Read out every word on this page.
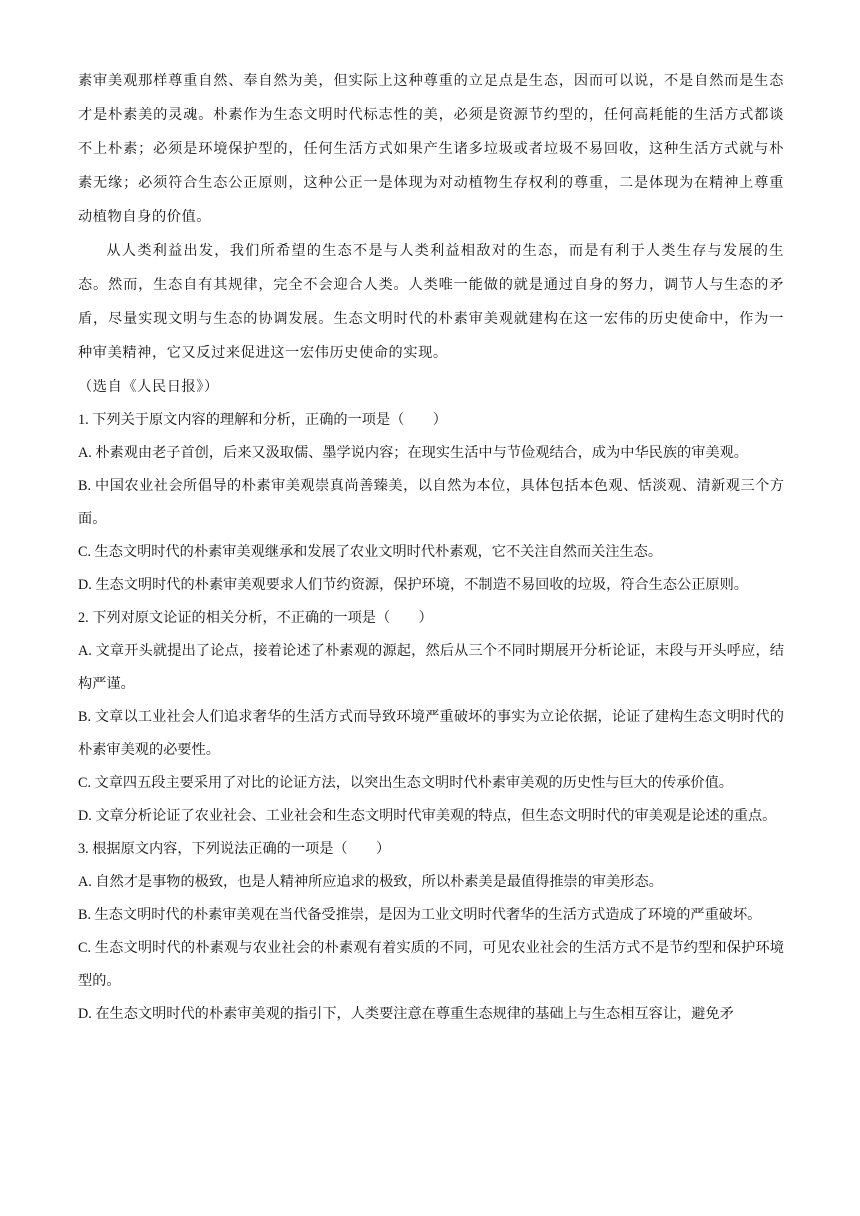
素审美观那样尊重自然、奉自然为美，但实际上这种尊重的立足点是生态，因而可以说，不是自然而是生态才是朴素美的灵魂。朴素作为生态文明时代标志性的美，必须是资源节约型的，任何高耗能的生活方式都谈不上朴素；必须是环境保护型的，任何生活方式如果产生诸多垃圾或者垃圾不易回收，这种生活方式就与朴素无缘；必须符合生态公正原则，这种公正一是体现为对动植物生存权利的尊重，二是体现为在精神上尊重动植物自身的价值。

从人类利益出发，我们所希望的生态不是与人类利益相敌对的生态，而是有利于人类生存与发展的生态。然而，生态自有其规律，完全不会迎合人类。人类唯一能做的就是通过自身的努力，调节人与生态的矛盾，尽量实现文明与生态的协调发展。生态文明时代的朴素审美观就建构在这一宏伟的历史使命中，作为一种审美精神，它又反过来促进这一宏伟历史使命的实现。

（选自《人民日报》）

1. 下列关于原文内容的理解和分析，正确的一项是（　　）

A. 朴素观由老子首创，后来又汲取儒、墨学说内容；在现实生活中与节俭观结合，成为中华民族的审美观。

B. 中国农业社会所倡导的朴素审美观崇真尚善臻美，以自然为本位，具体包括本色观、恬淡观、清新观三个方面。

C. 生态文明时代的朴素审美观继承和发展了农业文明时代朴素观，它不关注自然而关注生态。

D. 生态文明时代的朴素审美观要求人们节约资源，保护环境，不制造不易回收的垃圾，符合生态公正原则。

2. 下列对原文论证的相关分析，不正确的一项是（　　）

A. 文章开头就提出了论点，接着论述了朴素观的源起，然后从三个不同时期展开分析论证，末段与开头呼应，结构严谨。

B. 文章以工业社会人们追求奢华的生活方式而导致环境严重破坏的事实为立论依据，论证了建构生态文明时代的朴素审美观的必要性。

C. 文章四五段主要采用了对比的论证方法，以突出生态文明时代朴素审美观的历史性与巨大的传承价值。

D. 文章分析论证了农业社会、工业社会和生态文明时代审美观的特点，但生态文明时代的审美观是论述的重点。

3. 根据原文内容，下列说法正确的一项是（　　）

A. 自然才是事物的极致，也是人精神所应追求的极致，所以朴素美是最值得推崇的审美形态。

B. 生态文明时代的朴素审美观在当代备受推崇，是因为工业文明时代奢华的生活方式造成了环境的严重破坏。

C. 生态文明时代的朴素观与农业社会的朴素观有着实质的不同，可见农业社会的生活方式不是节约型和保护环境型的。

D. 在生态文明时代的朴素审美观的指引下，人类要注意在尊重生态规律的基础上与生态相互容让，避免矛
